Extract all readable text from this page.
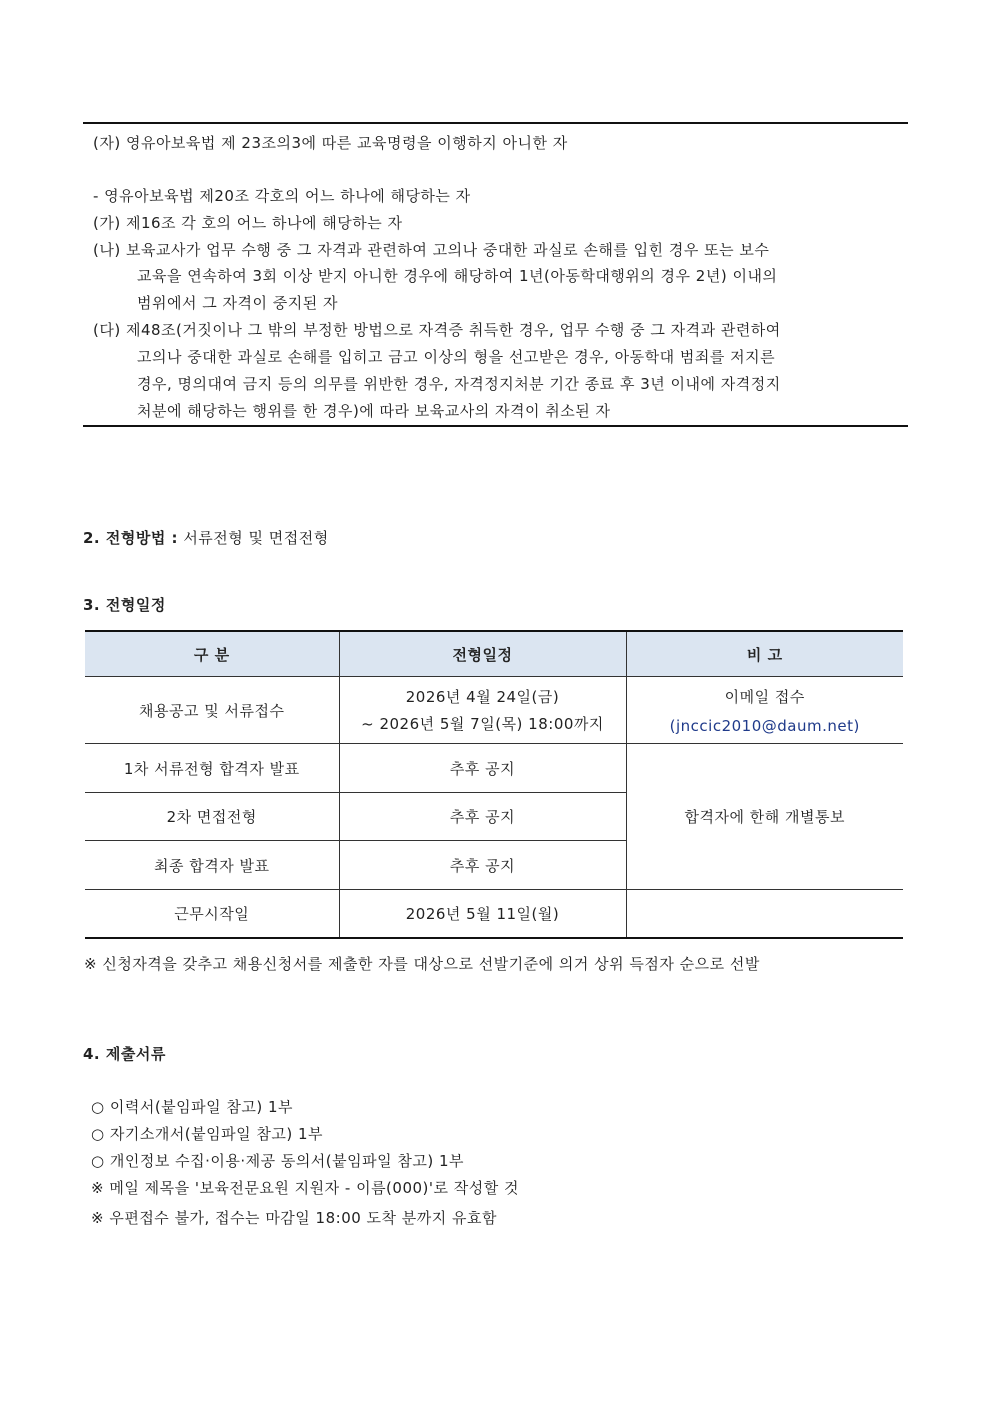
(자) 영유아보육법 제 23조의3에 따른 교육명령을 이행하지 아니한 자
- 영유아보육법 제20조 각호의 어느 하나에 해당하는 자
(가) 제16조 각 호의 어느 하나에 해당하는 자
(나) 보육교사가 업무 수행 중 그 자격과 관련하여 고의나 중대한 과실로 손해를 입힌 경우 또는 보수
교육을 연속하여 3회 이상 받지 아니한 경우에 해당하여 1년(아동학대행위의 경우 2년) 이내의
범위에서 그 자격이 중지된 자
(다) 제48조(거짓이나 그 밖의 부정한 방법으로 자격증 취득한 경우, 업무 수행 중 그 자격과 관련하여
고의나 중대한 과실로 손해를 입히고 금고 이상의 형을 선고받은 경우, 아동학대 범죄를 저지른
경우, 명의대여 금지 등의 의무를 위반한 경우, 자격정지처분 기간 종료 후 3년 이내에 자격정지
처분에 해당하는 행위를 한 경우)에 따라 보육교사의 자격이 취소된 자
2. 전형방법 : 서류전형 및 면접전형
3. 전형일정
구 분	전형일정	비 고
채용공고 및 서류접수	2026년 4월 24일(금)
~ 2026년 5월 7일(목) 18:00까지	이메일 접수
(jnccic2010@daum.net)

1차 서류전형 합격자 발표	추후 공지	합격자에 한해 개별통보
2차 면접전형	추후 공지	
최종 합격자 발표	추후 공지	
근무시작일	2026년 5월 11일(월)	
※ 신청자격을 갖추고 채용신청서를 제출한 자를 대상으로 선발기준에 의거 상위 득점자 순으로 선발
4. 제출서류
○ 이력서(붙임파일 참고) 1부
○ 자기소개서(붙임파일 참고) 1부
○ 개인정보 수집·이용·제공 동의서(붙임파일 참고) 1부
※ 메일 제목을 '보육전문요원 지원자 - 이름(000)'로 작성할 것
※ 우편접수 불가, 접수는 마감일 18:00 도착 분까지 유효함
